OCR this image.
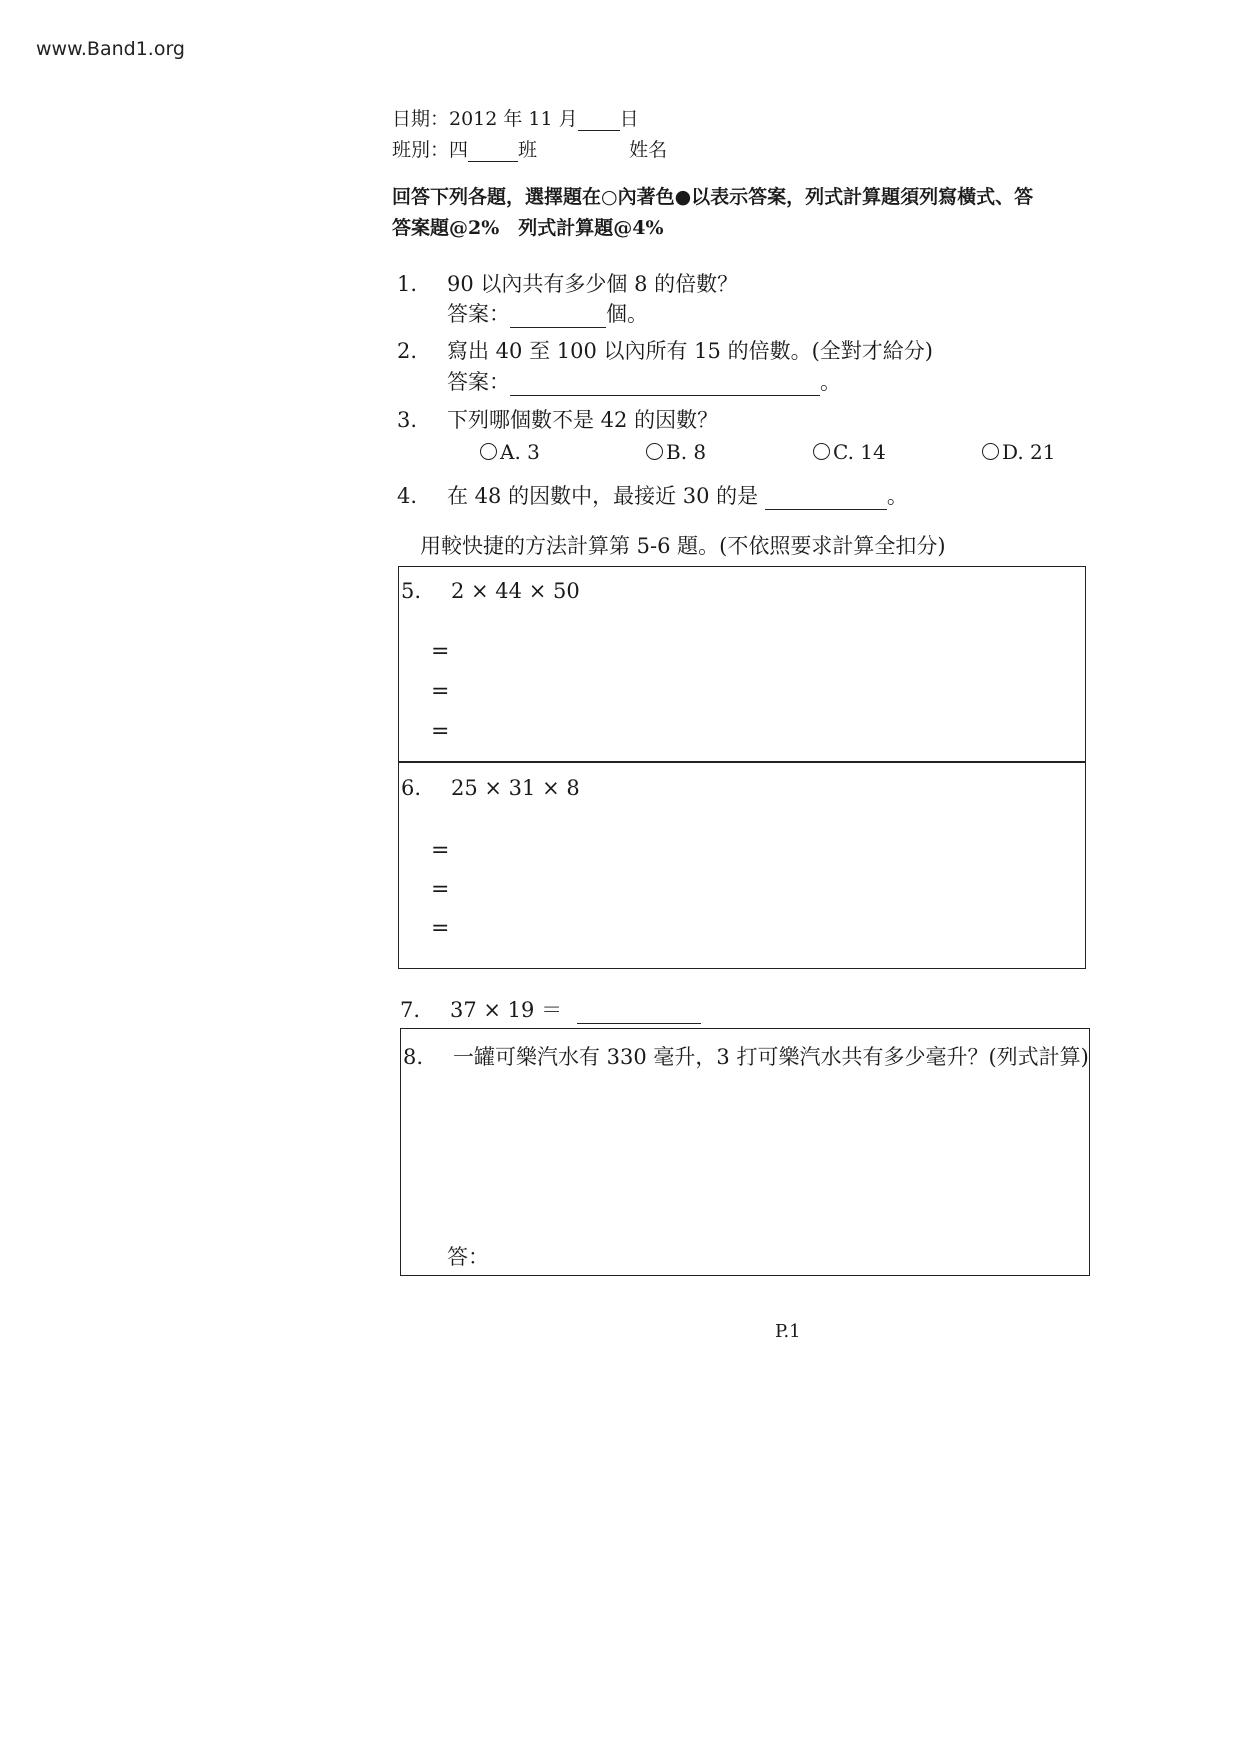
www.Band1.org
日期：2012 年 11 月 日
班別：四	班	姓名
回答下列各題，選擇題在○內著色●以表示答案，列式計算題須列寫橫式、答
答案題@2%　列式計算題@4%
1. 90 以內共有多少個 8 的倍數？
答案：	個。
2. 寫出 40 至 100 以內所有 15 的倍數。(全對才給分)
答案：	。
3. 下列哪個數不是 42 的因數？
A. 3	B. 8	C. 14	D. 21
4. 在 48 的因數中，最接近 30 的是	。
用較快捷的方法計算第 5-6 題。(不依照要求計算全扣分)
5. 2 × 44 × 50
=
=
=
6. 25 × 31 × 8
=
=
=
7. 37 × 19 ＝
8. 一罐可樂汽水有 330 毫升，3 打可樂汽水共有多少毫升？(列式計算)
答：
P.1
